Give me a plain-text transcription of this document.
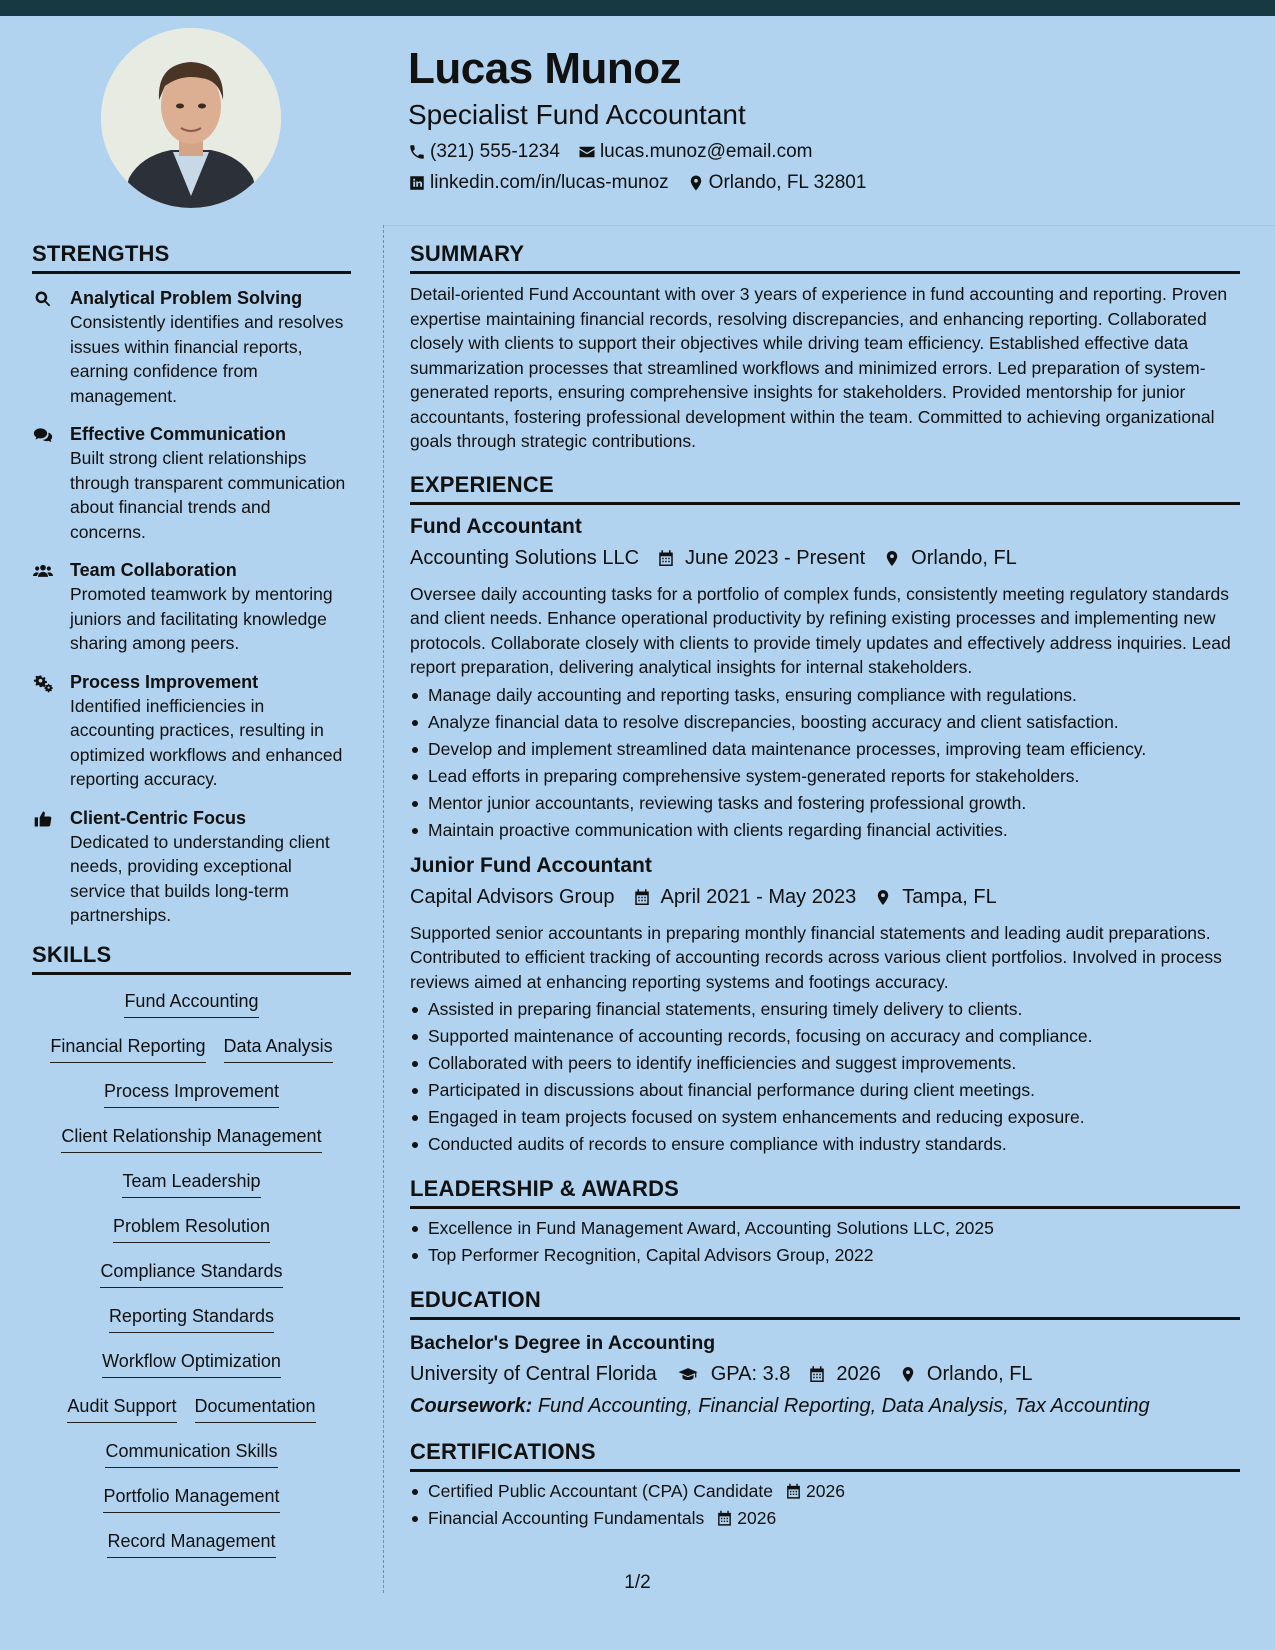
Lucas Munoz
Specialist Fund Accountant
(321) 555-1234 lucas.munoz@email.com
linkedin.com/in/lucas-munoz Orlando, FL 32801
STRENGTHS
Analytical Problem Solving
Consistently identifies and resolves issues within financial reports, earning confidence from management.
Effective Communication
Built strong client relationships through transparent communication about financial trends and concerns.
Team Collaboration
Promoted teamwork by mentoring juniors and facilitating knowledge sharing among peers.
Process Improvement
Identified inefficiencies in accounting practices, resulting in optimized workflows and enhanced reporting accuracy.
Client-Centric Focus
Dedicated to understanding client needs, providing exceptional service that builds long-term partnerships.
SKILLS
Fund Accounting
Financial Reporting Data Analysis
Process Improvement
Client Relationship Management
Team Leadership
Problem Resolution
Compliance Standards
Reporting Standards
Workflow Optimization
Audit Support Documentation
Communication Skills
Portfolio Management
Record Management
SUMMARY

Detail-oriented Fund Accountant with over 3 years of experience in fund accounting and reporting. Proven expertise maintaining financial records, resolving discrepancies, and enhancing reporting. Collaborated closely with clients to support their objectives while driving team efficiency. Established effective data summarization processes that streamlined workflows and minimized errors. Led preparation of system-generated reports, ensuring comprehensive insights for stakeholders. Provided mentorship for junior accountants, fostering professional development within the team. Committed to achieving organizational goals through strategic contributions.

EXPERIENCE
Fund Accountant
Accounting Solutions LLC June 2023 - Present Orlando, FL

Oversee daily accounting tasks for a portfolio of complex funds, consistently meeting regulatory standards and client needs. Enhance operational productivity by refining existing processes and implementing new protocols. Collaborate closely with clients to provide timely updates and effectively address inquiries. Lead report preparation, delivering analytical insights for internal stakeholders.

Manage daily accounting and reporting tasks, ensuring compliance with regulations.
Analyze financial data to resolve discrepancies, boosting accuracy and client satisfaction.
Develop and implement streamlined data maintenance processes, improving team efficiency.
Lead efforts in preparing comprehensive system-generated reports for stakeholders.
Mentor junior accountants, reviewing tasks and fostering professional growth.
Maintain proactive communication with clients regarding financial activities.
Junior Fund Accountant
Capital Advisors Group April 2021 - May 2023 Tampa, FL

Supported senior accountants in preparing monthly financial statements and leading audit preparations. Contributed to efficient tracking of accounting records across various client portfolios. Involved in process reviews aimed at enhancing reporting systems and footings accuracy.

Assisted in preparing financial statements, ensuring timely delivery to clients.
Supported maintenance of accounting records, focusing on accuracy and compliance.
Collaborated with peers to identify inefficiencies and suggest improvements.
Participated in discussions about financial performance during client meetings.
Engaged in team projects focused on system enhancements and reducing exposure.
Conducted audits of records to ensure compliance with industry standards.
LEADERSHIP & AWARDS
Excellence in Fund Management Award, Accounting Solutions LLC, 2025
Top Performer Recognition, Capital Advisors Group, 2022
EDUCATION
Bachelor's Degree in Accounting
University of Central Florida	GPA: 3.8 2026 Orlando, FL
Coursework: Fund Accounting, Financial Reporting, Data Analysis, Tax Accounting
CERTIFICATIONS
Certified Public Accountant (CPA) Candidate 2026
Financial Accounting Fundamentals 2026
1/2
